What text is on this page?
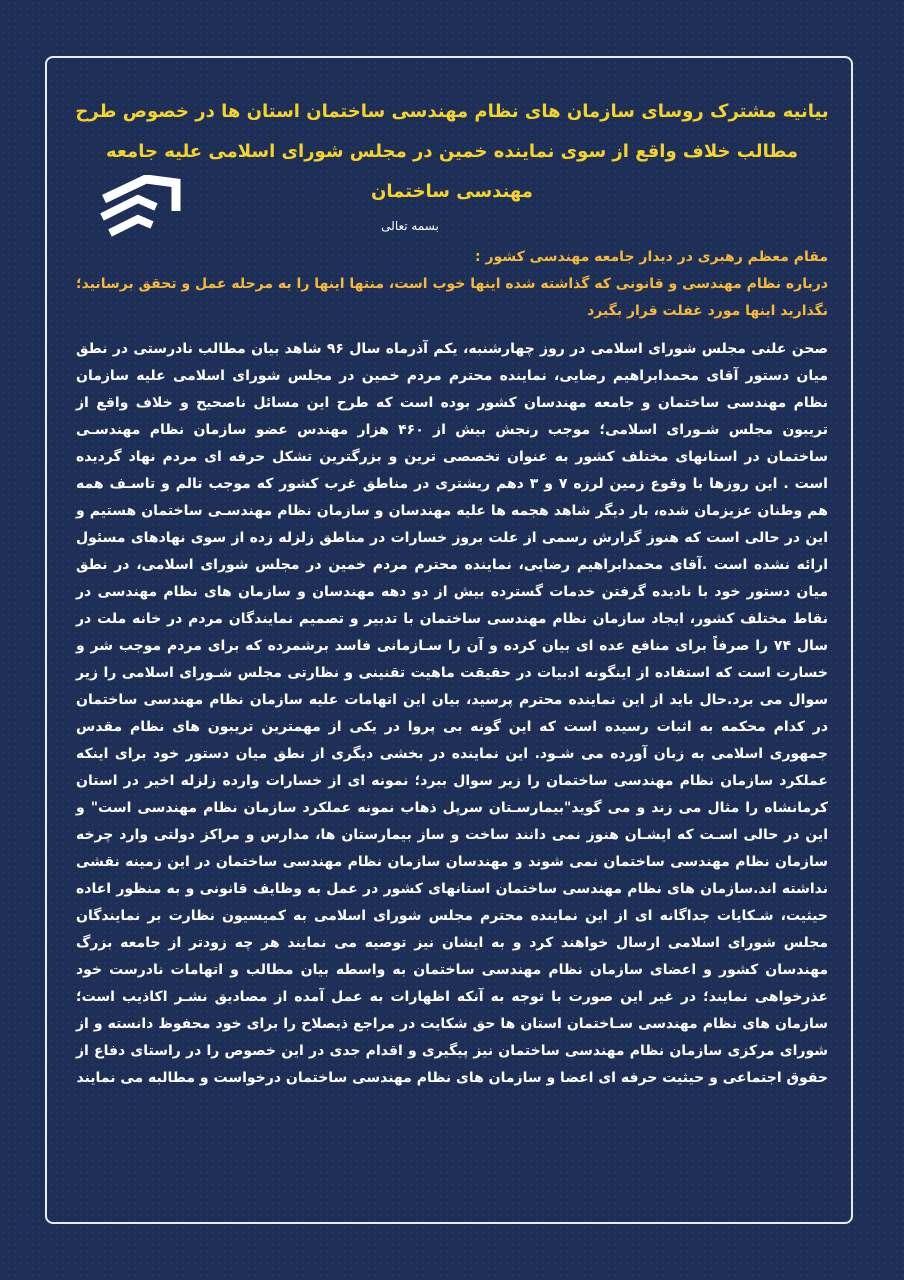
بیانیه مشترک روسای سازمان های نظام مهندسی ساختمان استان ها در خصوص طرح مطالب خلاف واقع از سوی نماینده خمین در مجلس شورای اسلامی علیه جامعه مهندسی ساختمان
بسمه تعالی

مقام معظم رهبری در دیدار جامعه مهندسی کشور :

درباره نظام مهندسی و قانونی که گذاشته شده اینها خوب است، منتها اینها را به مرحله عمل و تحقق برسانید؛ نگذارید اینها مورد غفلت قرار بگیرد

صحن علنی مجلس شورای اسلامی در روز چهارشنبه، یکم آذرماه سال ۹۶ شاهد بیان مطالب نادرستی در نطق میان دستور آقای محمدابراهیم رضایی، نماینده محترم مردم خمین در مجلس شورای اسلامی علیه سازمان نظام مهندسی ساختمان و جامعه مهندسان کشور بوده است که طرح این مسائل ناصحیح و خلاف واقع از تریبون مجلس شـورای اسلامی؛ موجب رنجش بیش از ۴۶۰ هزار مهندس عضو سازمان نظام مهندسـی ساختمان در استانهای مختلف کشور به عنوان تخصصی ترین و بزرگترین تشکل حرفه ای مردم نهاد گردیده است . این روزها با وقوع زمین لرزه ۷ و ۳ دهم ریشتری در مناطق غرب کشور که موجب تالم و تاسـف همه هم وطنان عزیزمان شده، بار دیگر شاهد هجمه ها علیه مهندسان و سازمان نظام مهندسـی ساختمان هستیم و این در حالی است که هنوز گزارش رسمی از علت بروز خسارات در مناطق زلزله زده از سوی نهادهای مسئول ارائه نشده است .آقای محمدابراهیم رضایی، نماینده محترم مردم خمین در مجلس شورای اسلامی، در نطق میان دستور خود با نادیده گرفتن خدمات گسترده بیش از دو دهه مهندسان و سازمان های نظام مهندسی در نقاط مختلف کشور، ایجاد سازمان نظام مهندسی ساختمان با تدبیر و تصمیم نمایندگان مردم در خانه ملت در سال ۷۴ را صرفاً برای منافع عده ای بیان کرده و آن را سـازمانی فاسد برشمرده که برای مردم موجب شر و خسارت است که استفاده از اینگونه ادبیات در حقیقت ماهیت تقنینی و نظارتی مجلس شـورای اسلامی را زیر سوال می برد.حال باید از این نماینده محترم پرسید، بیان این اتهامات علیه سازمان نظام مهندسی ساختمان در کدام محکمه به اثبات رسیده است که این گونه بی پروا در یکی از مهمترین تریبون های نظام مقدس جمهوری اسلامی به زبان آورده می شـود. این نماینده در بخشی دیگری از نطق میان دستور خود برای اینکه عملکرد سازمان نظام مهندسی ساختمان را زیر سوال ببرد؛ نمونه ای از خسارات وارده زلزله اخیر در استان کرمانشاه را مثال می زند و می گوید"بیمارسـتان سرپل ذهاب نمونه عملکرد سازمان نظام مهندسی است" و این در حالی اسـت که ایشـان هنوز نمی دانند ساخت و ساز بیمارستان ها، مدارس و مراکز دولتی وارد چرخه سازمان نظام مهندسی ساختمان نمی شوند و مهندسان سازمان نظام مهندسی ساختمان در این زمینه نقشی نداشته اند.سازمان های نظام مهندسی ساختمان استانهای کشور در عمل به وظایف قانونی و به منظور اعاده حیثیت، شـکایات جداگانه ای از این نماینده محترم مجلس شورای اسلامی به کمیسیون نظارت بر نمایندگان مجلس شورای اسلامی ارسال خواهند کرد و به ایشان نیز توصیه می نمایند هر چه زودتر از جامعه بزرگ مهندسان کشور و اعضای سازمان نظام مهندسی ساختمان به واسطه بیان مطالب و اتهامات نادرست خود عذرخواهی نمایند؛ در غیر این صورت با توجه به آنکه اظهارات به عمل آمده از مصادیق نشـر اکاذیب است؛ سازمان های نظام مهندسی سـاختمان استان ها حق شکایت در مراجع ذیصلاح را برای خود محفوظ دانسته و از شورای مرکزی سازمان نظام مهندسی ساختمان نیز پیگیری و اقدام جدی در این خصوص را در راستای دفاع از حقوق اجتماعی و حیثیت حرفه ای اعضا و سازمان های نظام مهندسی ساختمان درخواست و مطالبه می نمایند
